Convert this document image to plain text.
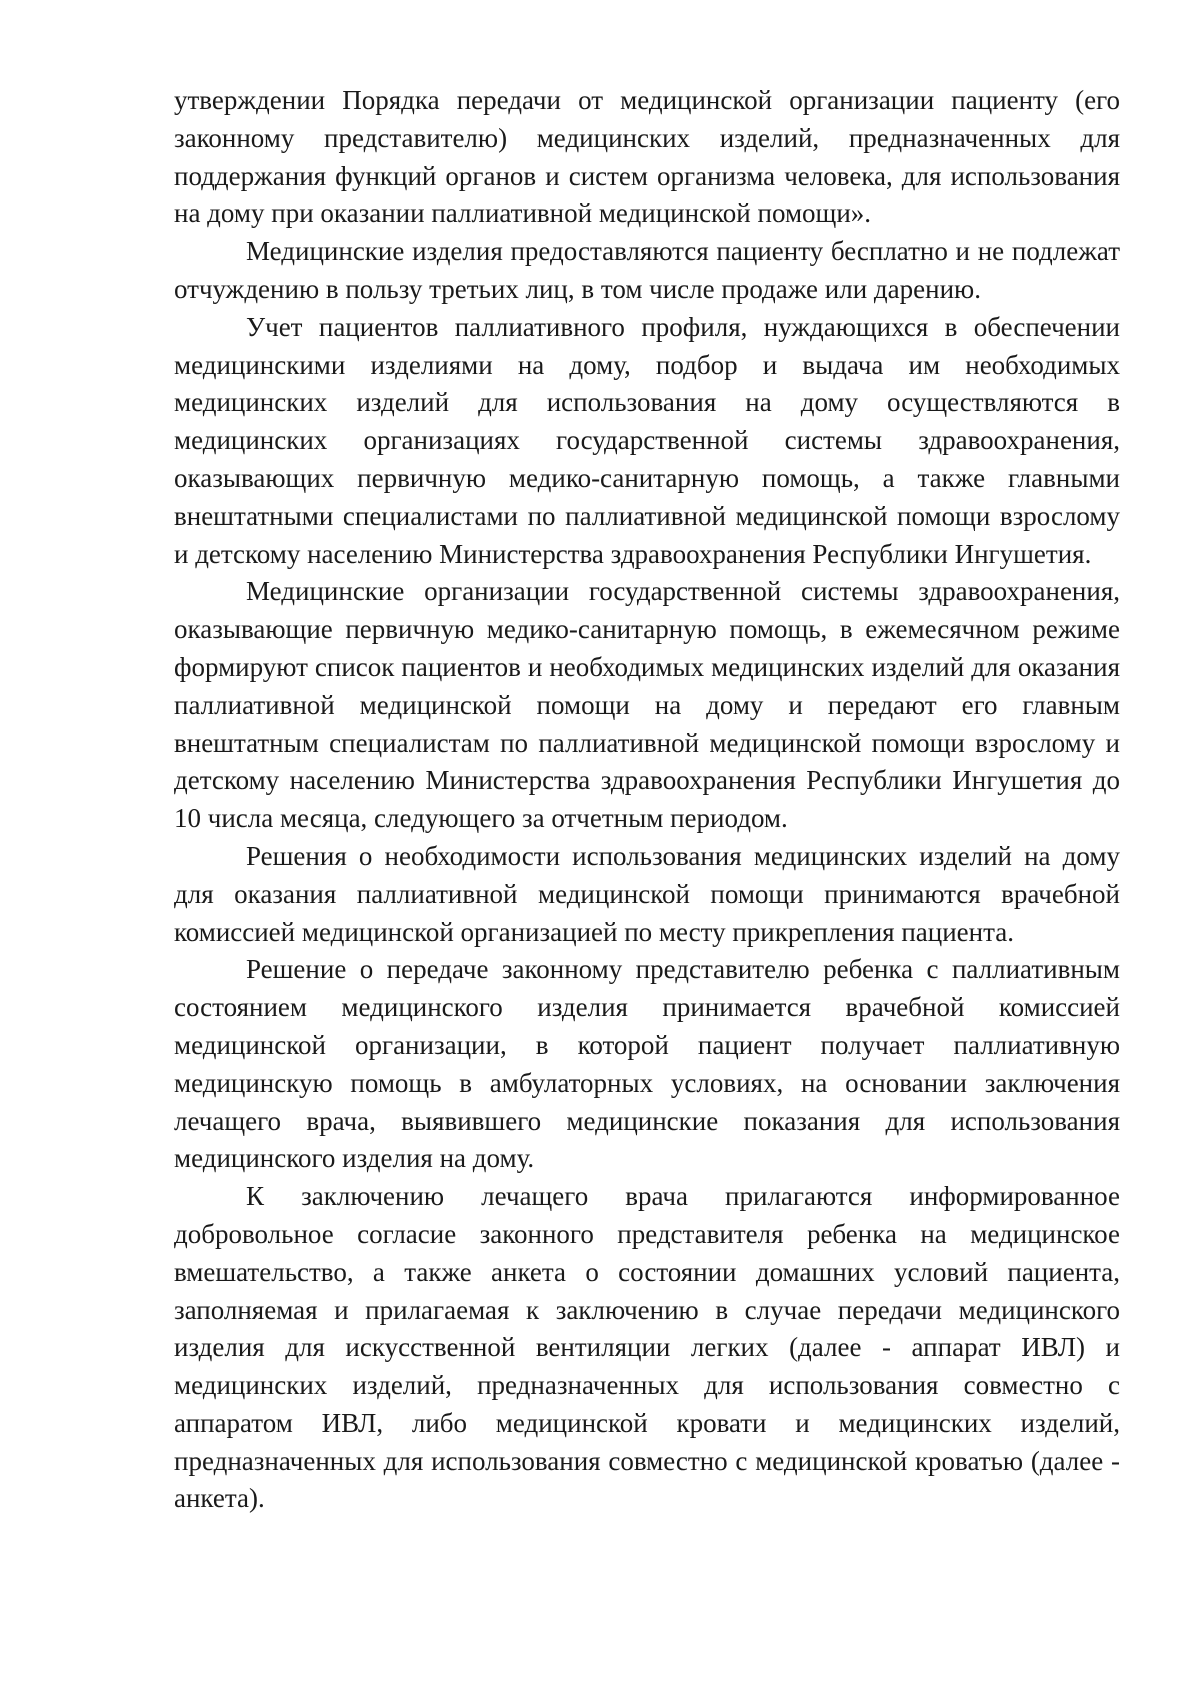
утверждении Порядка передачи от медицинской организации пациенту (его законному представителю) медицинских изделий, предназначенных для поддержания функций органов и систем организма человека, для использования на дому при оказании паллиативной медицинской помощи».

Медицинские изделия предоставляются пациенту бесплатно и не подлежат отчуждению в пользу третьих лиц, в том числе продаже или дарению.

Учет пациентов паллиативного профиля, нуждающихся в обеспечении медицинскими изделиями на дому, подбор и выдача им необходимых медицинских изделий для использования на дому осуществляются в медицинских организациях государственной системы здравоохранения, оказывающих первичную медико-санитарную помощь, а также главными внештатными специалистами по паллиативной медицинской помощи взрослому и детскому населению Министерства здравоохранения Республики Ингушетия.

Медицинские организации государственной системы здравоохранения, оказывающие первичную медико-санитарную помощь, в ежемесячном режиме формируют список пациентов и необходимых медицинских изделий для оказания паллиативной медицинской помощи на дому и передают его главным внештатным специалистам по паллиативной медицинской помощи взрослому и детскому населению Министерства здравоохранения Республики Ингушетия до 10 числа месяца, следующего за отчетным периодом.

Решения о необходимости использования медицинских изделий на дому для оказания паллиативной медицинской помощи принимаются врачебной комиссией медицинской организацией по месту прикрепления пациента.

Решение о передаче законному представителю ребенка с паллиативным состоянием медицинского изделия принимается врачебной комиссией медицинской организации, в которой пациент получает паллиативную медицинскую помощь в амбулаторных условиях, на основании заключения лечащего врача, выявившего медицинские показания для использования медицинского изделия на дому.

К заключению лечащего врача прилагаются информированное добровольное согласие законного представителя ребенка на медицинское вмешательство, а также анкета о состоянии домашних условий пациента, заполняемая и прилагаемая к заключению в случае передачи медицинского изделия для искусственной вентиляции легких (далее - аппарат ИВЛ) и медицинских изделий, предназначенных для использования совместно с аппаратом ИВЛ, либо медицинской кровати и медицинских изделий, предназначенных для использования совместно с медицинской кроватью (далее - анкета).
